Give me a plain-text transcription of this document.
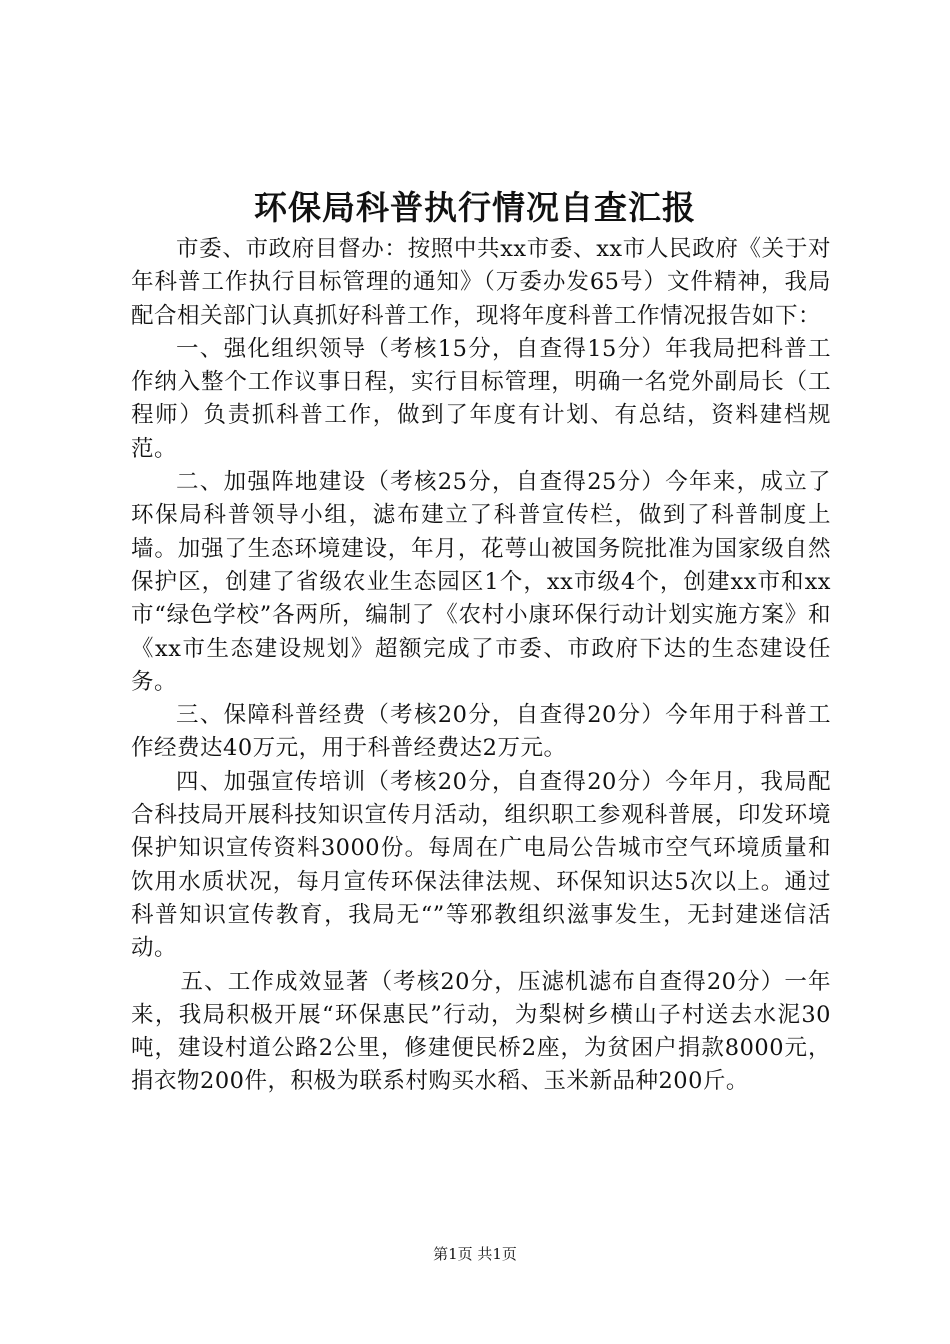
环保局科普执行情况自查汇报

市委、市政府目督办：按照中共xx市委、xx市人民政府《关于对年科普工作执行目标管理的通知》（万委办发65号）文件精神，我局配合相关部门认真抓好科普工作，现将年度科普工作情况报告如下：

一、强化组织领导（考核15分，自查得15分）年我局把科普工作纳入整个工作议事日程，实行目标管理，明确一名党外副局长（工程师）负责抓科普工作，做到了年度有计划、有总结，资料建档规范。

二、加强阵地建设（考核25分，自查得25分）今年来，成立了环保局科普领导小组，滤布建立了科普宣传栏，做到了科普制度上墙。加强了生态环境建设，年月，花萼山被国务院批准为国家级自然保护区，创建了省级农业生态园区1个，xx市级4个，创建xx市和xx市“绿色学校”各两所，编制了《农村小康环保行动计划实施方案》和《xx市生态建设规划》超额完成了市委、市政府下达的生态建设任务。

三、保障科普经费（考核20分，自查得20分）今年用于科普工作经费达40万元，用于科普经费达2万元。

四、加强宣传培训（考核20分，自查得20分）今年月，我局配合科技局开展科技知识宣传月活动，组织职工参观科普展，印发环境保护知识宣传资料3000份。每周在广电局公告城市空气环境质量和饮用水质状况，每月宣传环保法律法规、环保知识达5次以上。通过科普知识宣传教育，我局无“”等邪教组织滋事发生，无封建迷信活动。

五、工作成效显著（考核20分，压滤机滤布自查得20分）一年来，我局积极开展“环保惠民”行动，为梨树乡横山子村送去水泥30吨，建设村道公路2公里，修建便民桥2座，为贫困户捐款8000元，捐衣物200件，积极为联系村购买水稻、玉米新品种200斤。

第1页 共1页
